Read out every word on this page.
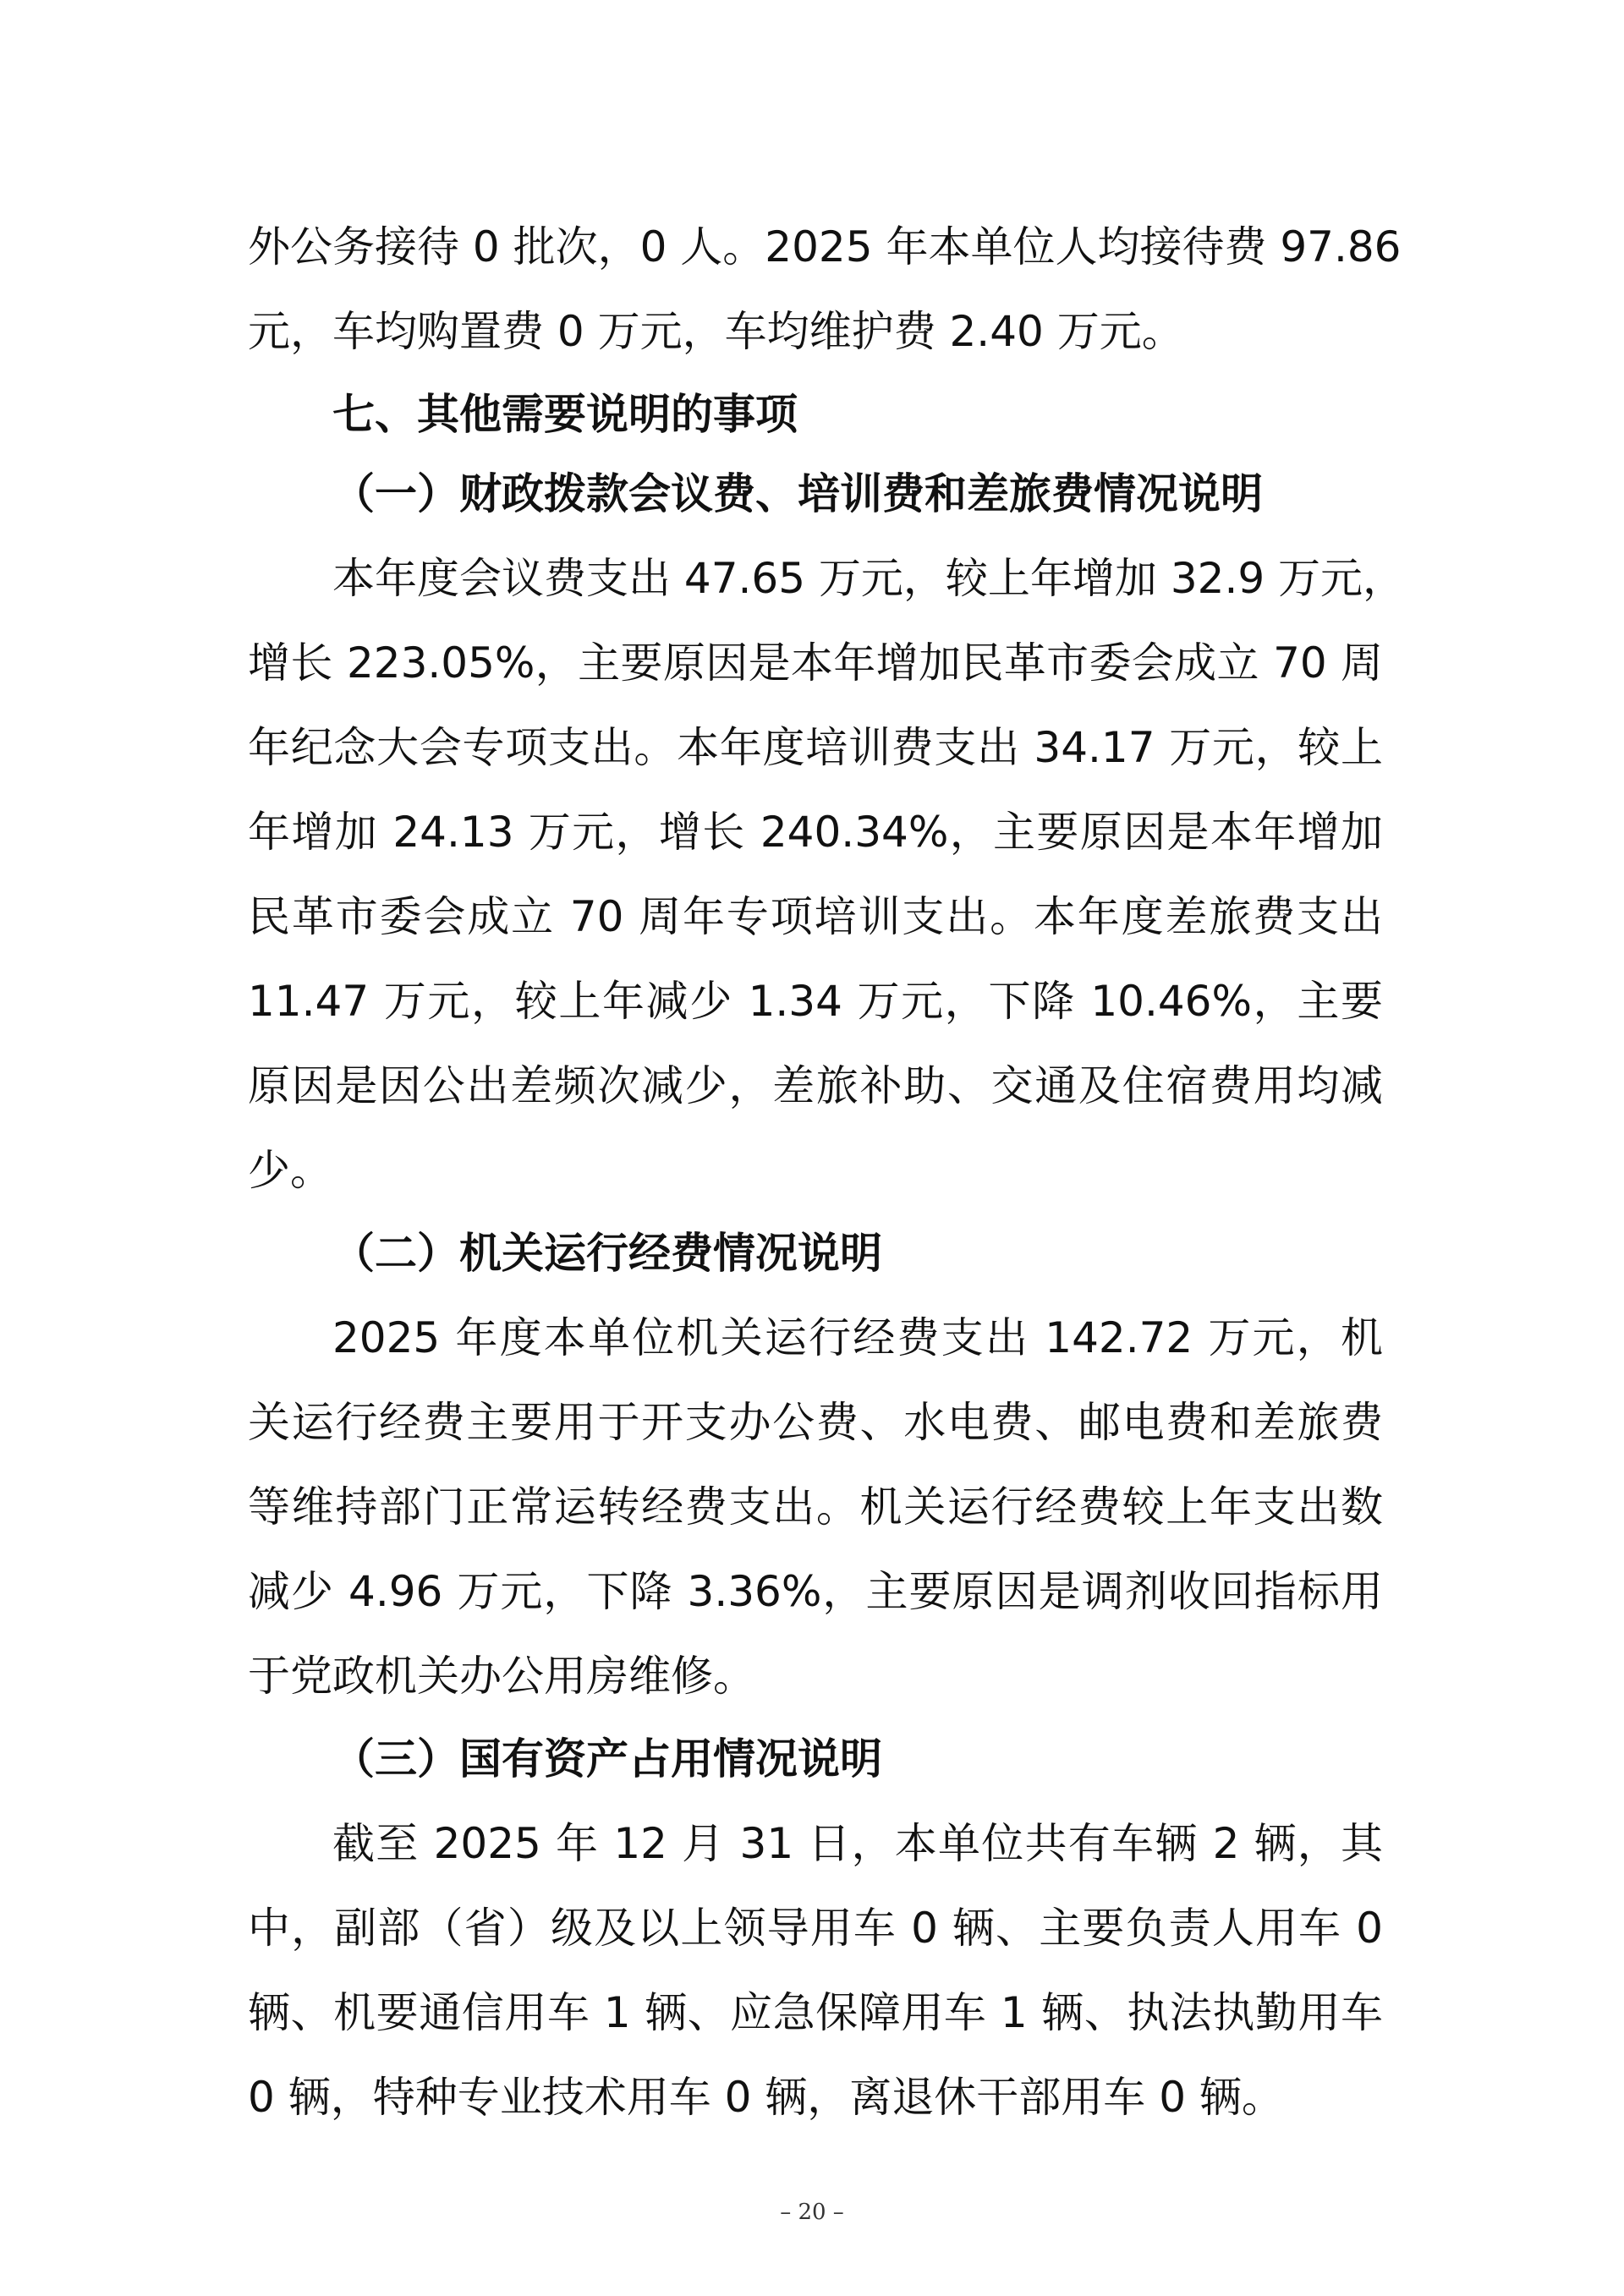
外公务接待 0 批次，0 人。2025 年本单位人均接待费 97.86
元，车均购置费 0 万元，车均维护费 2.40 万元。
七、其他需要说明的事项
（一）财政拨款会议费、培训费和差旅费情况说明
本年度会议费支出 47.65 万元，较上年增加 32.9 万元，
增长 223.05%，主要原因是本年增加民革市委会成立 70 周
年纪念大会专项支出。本年度培训费支出 34.17 万元，较上
年增加 24.13 万元，增长 240.34%，主要原因是本年增加
民革市委会成立 70 周年专项培训支出。本年度差旅费支出
11.47 万元，较上年减少 1.34 万元，下降 10.46%，主要
原因是因公出差频次减少，差旅补助、交通及住宿费用均减
少。
（二）机关运行经费情况说明
2025 年度本单位机关运行经费支出 142.72 万元，机
关运行经费主要用于开支办公费、水电费、邮电费和差旅费
等维持部门正常运转经费支出。机关运行经费较上年支出数
减少 4.96 万元，下降 3.36%，主要原因是调剂收回指标用
于党政机关办公用房维修。
（三）国有资产占用情况说明
截至 2025 年 12 月 31 日，本单位共有车辆 2 辆，其
中，副部（省）级及以上领导用车 0 辆、主要负责人用车 0
辆、机要通信用车 1 辆、应急保障用车 1 辆、执法执勤用车
0 辆，特种专业技术用车 0 辆，离退休干部用车 0 辆。
– 20 –
